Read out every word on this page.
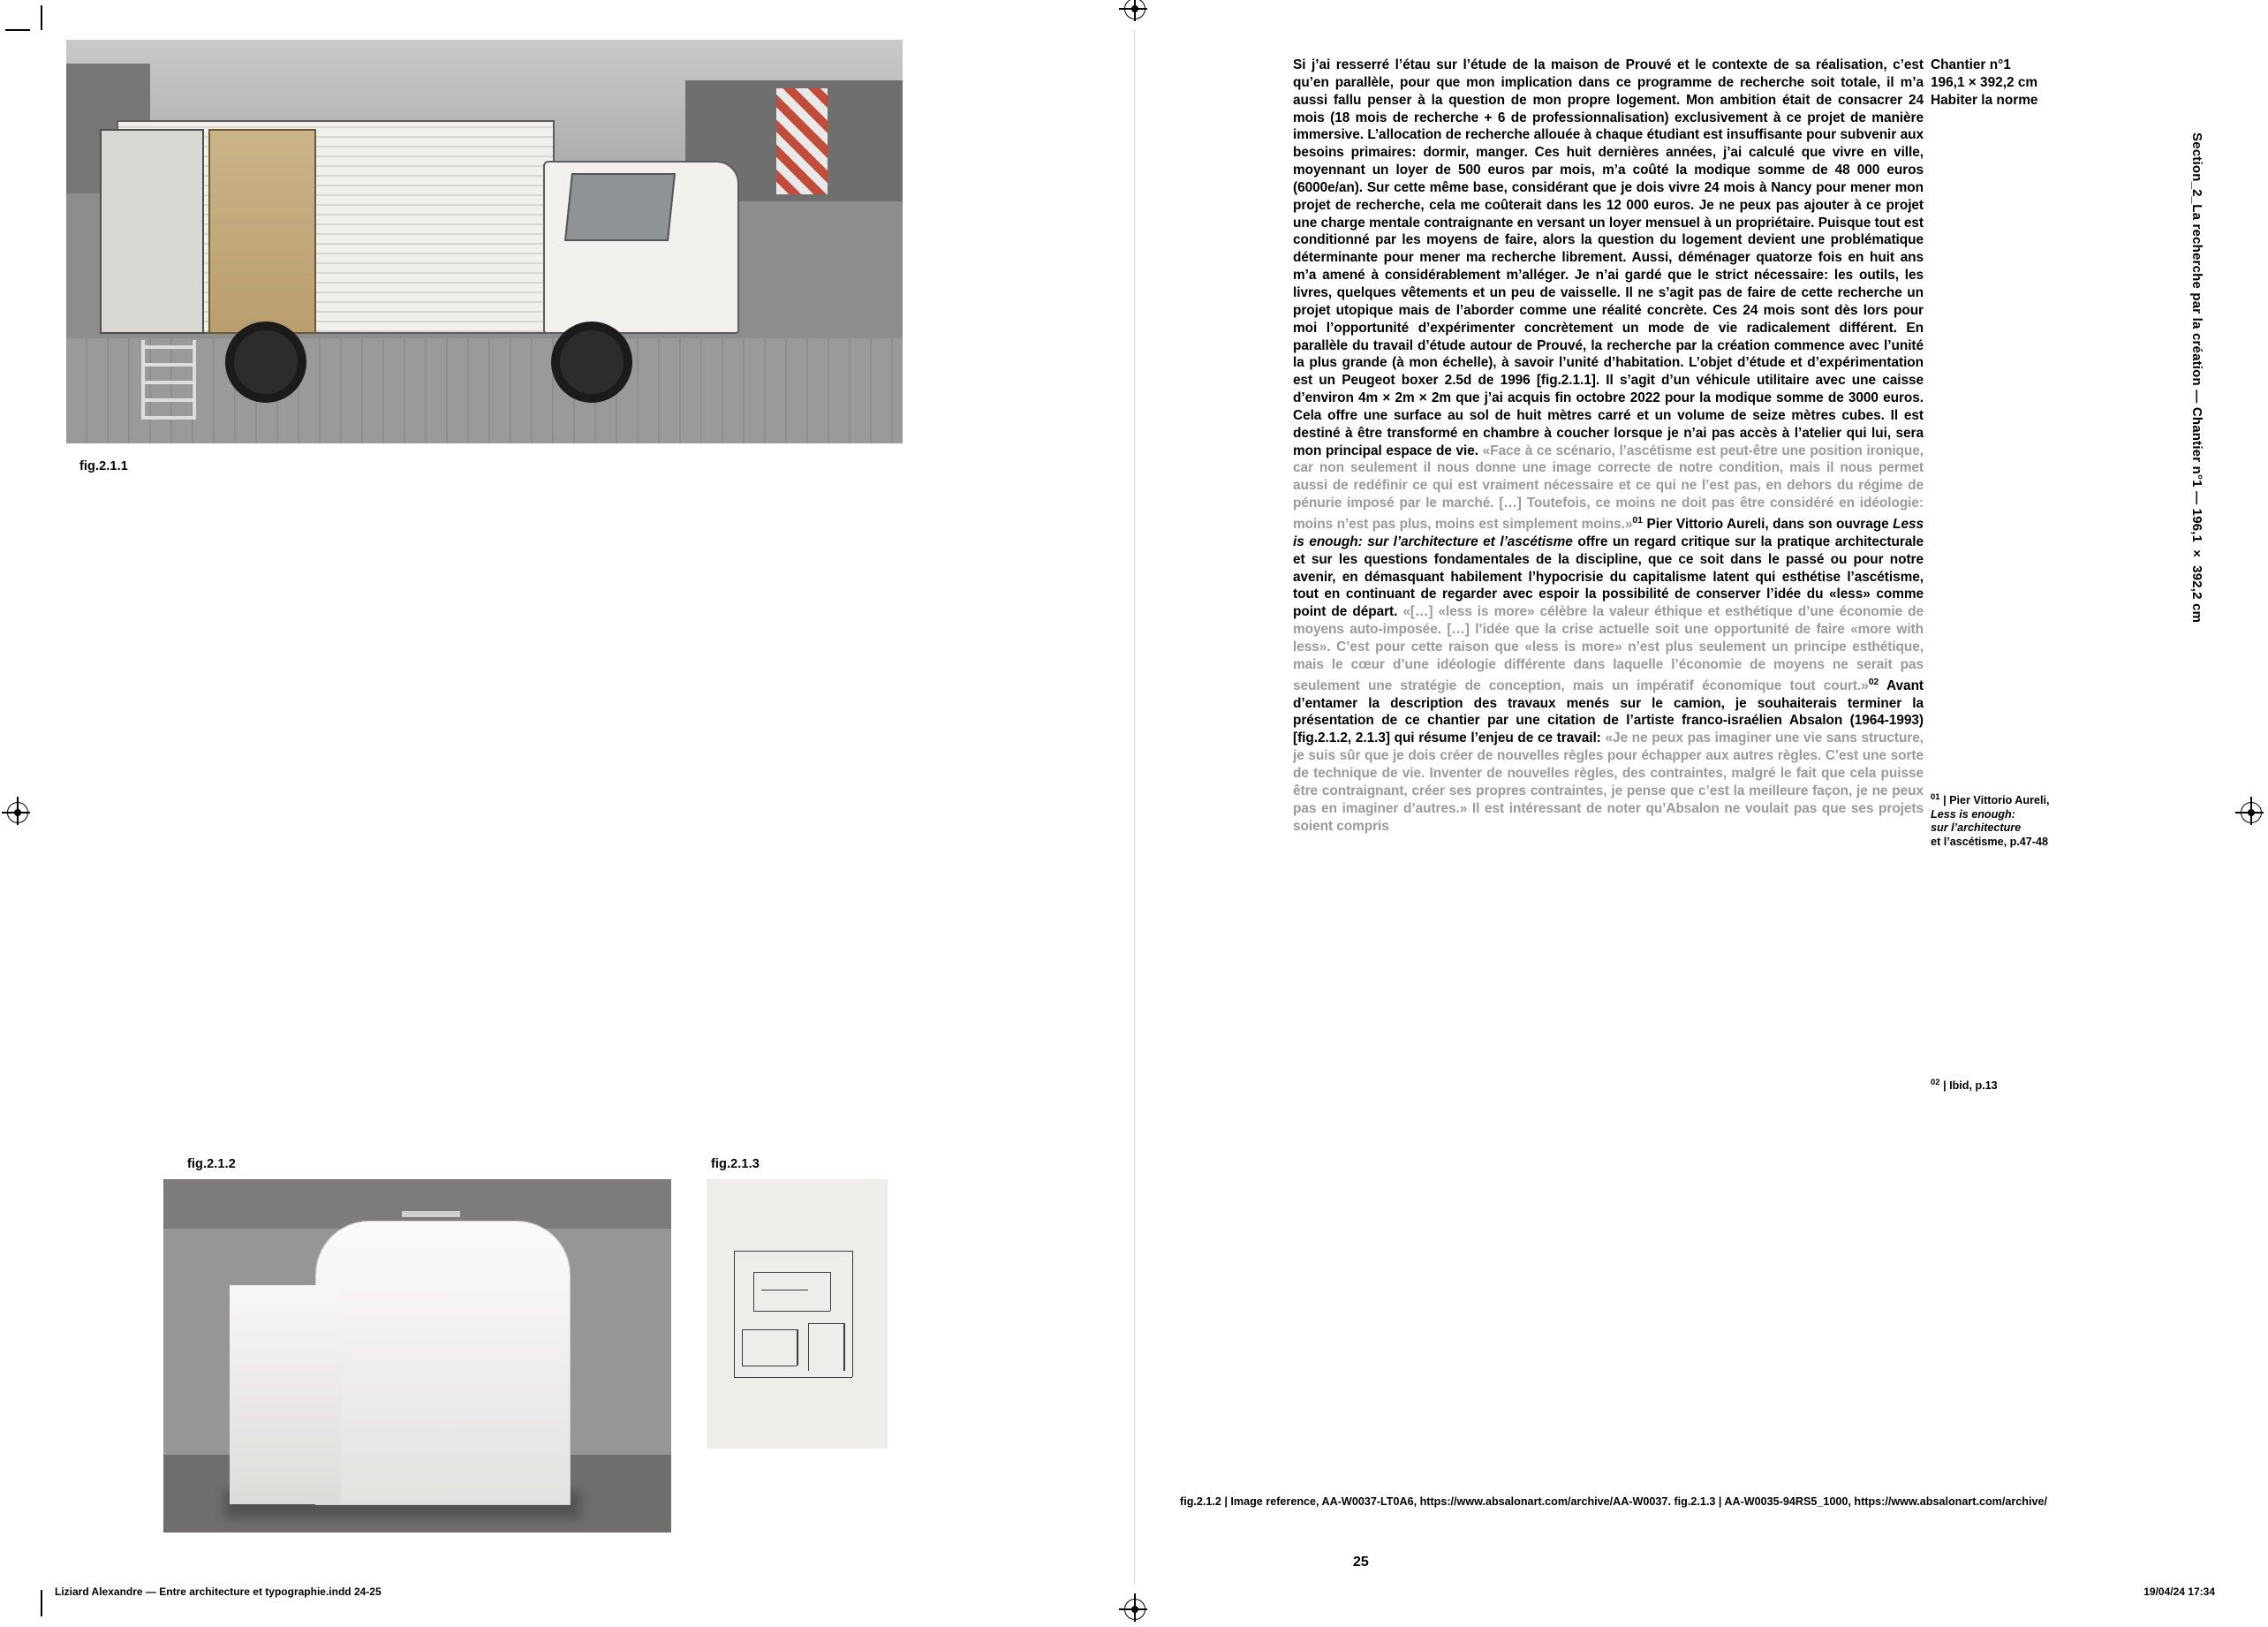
fig.2.1.1
fig.2.1.2	fig.2.1.3

Si j’ai resserré l’étau sur l’étude de la maison de Prouvé et le contexte de sa réalisation, c’est qu’en parallèle, pour que mon implication dans ce programme de recherche soit totale, il m’a aussi fallu penser à la question de mon propre logement. Mon ambition était de consacrer 24 mois (18 mois de recherche + 6 de professionnalisation) exclusivement à ce projet de manière immersive. L’allocation de recherche allouée à chaque étudiant est insuffisante pour subvenir aux besoins primaires: dormir, manger. Ces huit dernières années, j’ai calculé que vivre en ville, moyennant un loyer de 500 euros par mois, m’a coûté la modique somme de 48 000 euros (6000e/an). Sur cette même base, considérant que je dois vivre 24 mois à Nancy pour mener mon projet de recherche, cela me coûterait dans les 12 000 euros. Je ne peux pas ajouter à ce projet une charge mentale contraignante en versant un loyer mensuel à un propriétaire. Puisque tout est conditionné par les moyens de faire, alors la question du logement devient une problématique déterminante pour mener ma recherche librement. Aussi, déménager quatorze fois en huit ans m’a amené à considérablement m’alléger. Je n’ai gardé que le strict nécessaire: les outils, les livres, quelques vêtements et un peu de vaisselle. Il ne s’agit pas de faire de cette recherche un projet utopique mais de l’aborder comme une réalité concrète. Ces 24 mois sont dès lors pour moi l’opportunité d’expérimenter concrètement un mode de vie radicalement différent. En parallèle du travail d’étude autour de Prouvé, la recherche par la création commence avec l’unité la plus grande (à mon échelle), à savoir l’unité d’habitation. L’objet d’étude et d’expérimentation est un Peugeot boxer 2.5d de 1996 [fig.2.1.1]. Il s’agit d’un véhicule utilitaire avec une caisse d’environ 4m × 2m × 2m que j’ai acquis fin octobre 2022 pour la modique somme de 3000 euros. Cela offre une surface au sol de huit mètres carré et un volume de seize mètres cubes. Il est destiné à être transformé en chambre à coucher lorsque je n’ai pas accès à l’atelier qui lui, sera mon principal espace de vie. «Face à ce scénario, l’ascétisme est peut-être une position ironique, car non seulement il nous donne une image correcte de notre condition, mais il nous permet aussi de redéfinir ce qui est vraiment nécessaire et ce qui ne l’est pas, en dehors du régime de pénurie imposé par le marché. […] Toutefois, ce moins ne doit pas être considéré en idéologie: moins n’est pas plus, moins est simplement moins.»$^{01}$ Pier Vittorio Aureli, dans son ouvrage Less is enough: sur l’architecture et l’ascétisme offre un regard critique sur la pratique architecturale et sur les questions fondamentales de la discipline, que ce soit dans le passé ou pour notre avenir, en démasquant habilement l’hypocrisie du capitalisme latent qui esthétise l’ascétisme, tout en continuant de regarder avec espoir la possibilité de conserver l’idée du «less» comme point de départ. «[…] «less is more» célèbre la valeur éthique et esthétique d’une économie de moyens auto-imposée. […] l’idée que la crise actuelle soit une opportunité de faire «more with less». C’est pour cette raison que «less is more» n’est plus seulement un principe esthétique, mais le cœur d’une idéologie différente dans laquelle l’économie de moyens ne serait pas seulement une stratégie de conception, mais un impératif économique tout court.»$^{02}$ Avant d’entamer la description des travaux menés sur le camion, je souhaiterais terminer la présentation de ce chantier par une citation de l’artiste franco-israélien Absalon (1964-1993) [fig.2.1.2, 2.1.3] qui résume l’enjeu de ce travail: «Je ne peux pas imaginer une vie sans structure, je suis sûr que je dois créer de nouvelles règles pour échapper aux autres règles. C’est une sorte de technique de vie. Inventer de nouvelles règles, des contraintes, malgré le fait que cela puisse être contraignant, créer ses propres contraintes, je pense que c’est la meilleure façon, je ne peux pas en imaginer d’autres.» Il est intéressant de noter qu’Absalon ne voulait pas que ses projets soient compris

Chantier n°1
196,1 × 392,2 cm
Habiter la norme
$^{01}$ | Pier Vittorio Aureli,
Less is enough:
sur l’architecture
et l’ascétisme, p.47-48
$^{02}$ | Ibid, p.13
Section_2_La recherche par la création — Chantier n°1 — 196,1 × 392,2 cm
fig.2.1.2 | Image reference, AA-W0037-LT0A6, https://www.absalonart.com/archive/AA-W0037. fig.2.1.3 | AA-W0035-94RS5_1000, https://www.absalonart.com/archive/
25
Liziard Alexandre — Entre architecture et typographie.indd 24-25	19/04/24 17:34
